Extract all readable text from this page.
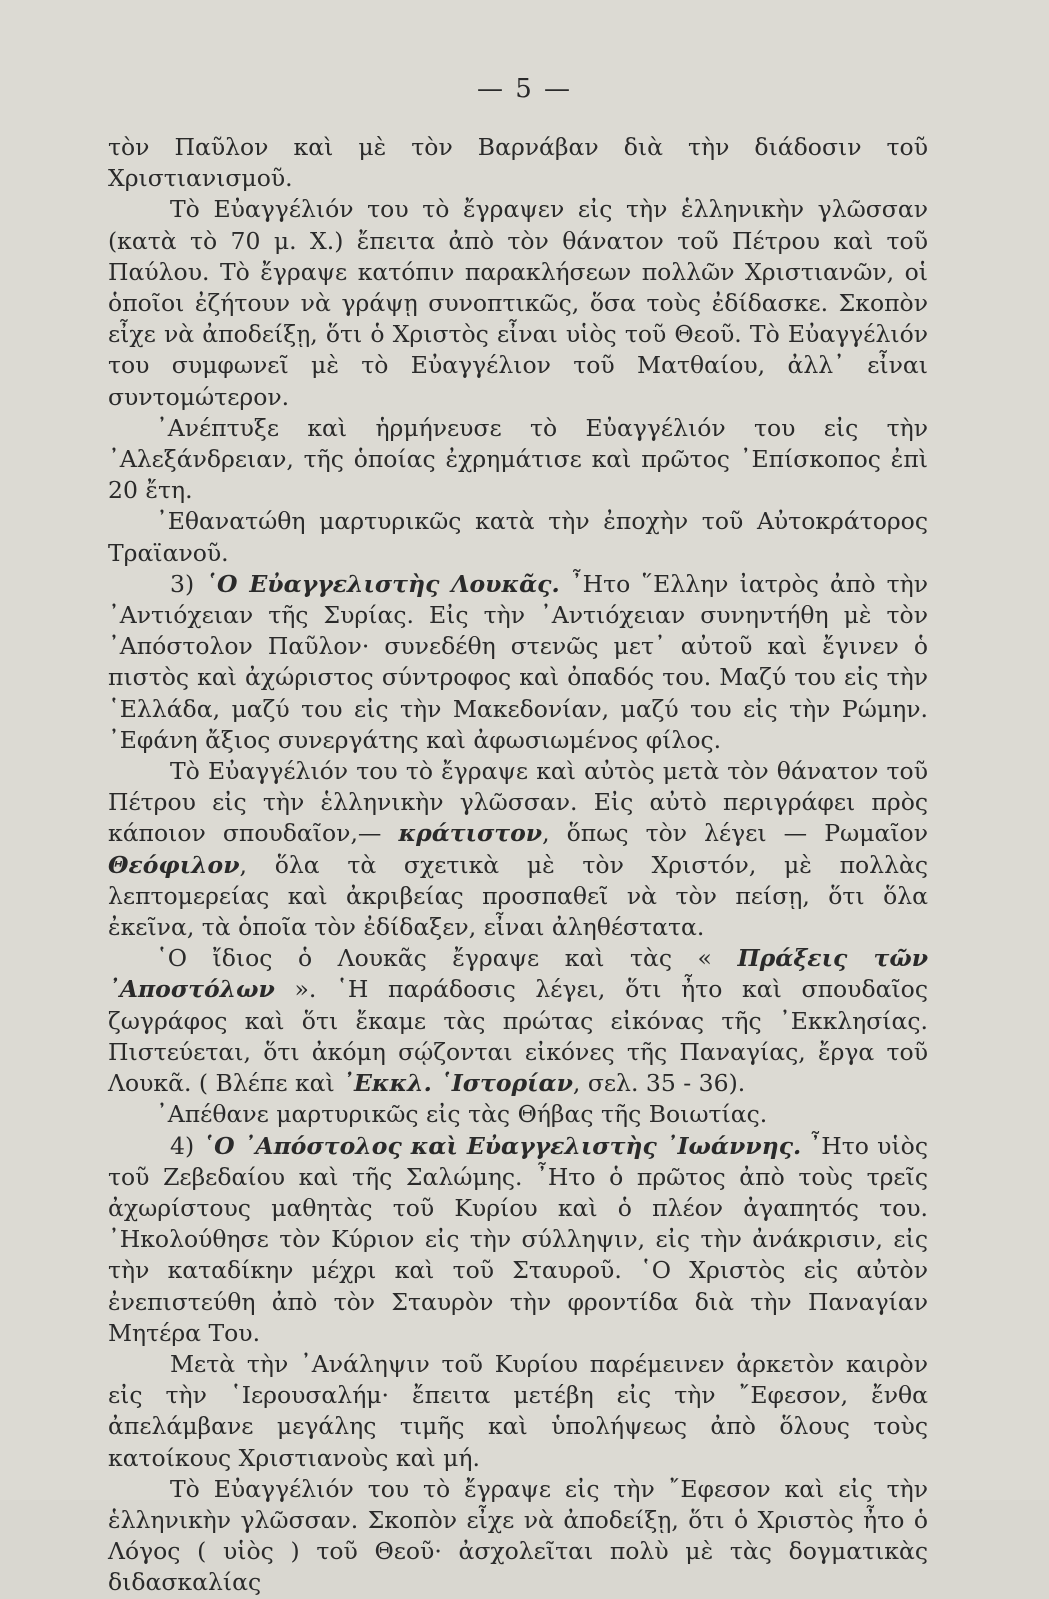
— 5 —

τὸν Παῦλον καὶ μὲ τὸν Βαρνάβαν διὰ τὴν διάδοσιν τοῦ Χριστιανισμοῦ.

Τὸ Εὐαγγέλιόν του τὸ ἔγραψεν εἰς τὴν ἑλληνικὴν γλῶσσαν (κατὰ τὸ 70 μ. Χ.) ἔπειτα ἀπὸ τὸν θάνατον τοῦ Πέτρου καὶ τοῦ Παύλου. Τὸ ἔγραψε κατόπιν παρακλήσεων πολλῶν Χριστιανῶν, οἱ ὁποῖοι ἐζήτουν νὰ γράψῃ συνοπτικῶς, ὅσα τοὺς ἐδίδασκε. Σκοπὸν εἶχε νὰ ἀποδείξῃ, ὅτι ὁ Χριστὸς εἶναι υἱὸς τοῦ Θεοῦ. Τὸ Εὐαγγέλιόν του συμφωνεῖ μὲ τὸ Εὐαγγέλιον τοῦ Ματθαίου, ἀλλ᾽ εἶναι συντομώτερον.

᾽Ανέπτυξε καὶ ἡρμήνευσε τὸ Εὐαγγέλιόν του εἰς τὴν ᾽Αλεξάνδρειαν, τῆς ὁποίας ἐχρημάτισε καὶ πρῶτος ᾽Επίσκοπος ἐπὶ 20 ἔτη.

᾽Εθανατώθη μαρτυρικῶς κατὰ τὴν ἐποχὴν τοῦ Αὐτοκράτορος Τραϊανοῦ.

3) ῾Ο Εὐαγγελιστὴς Λουκᾶς. ῏Ητο ῞Ελλην ἰατρὸς ἀπὸ τὴν ᾽Αντιόχειαν τῆς Συρίας. Εἰς τὴν ᾽Αντιόχειαν συνηντήθη μὲ τὸν ᾽Απόστολον Παῦλον· συνεδέθη στενῶς μετ᾽ αὐτοῦ καὶ ἔγινεν ὁ πιστὸς καὶ ἀχώριστος σύντροφος καὶ ὀπαδός του. Μαζύ του εἰς τὴν ῾Ελλάδα, μαζύ του εἰς τὴν Μακεδονίαν, μαζύ του εἰς τὴν Ρώμην. ᾽Εφάνη ἄξιος συνεργάτης καὶ ἀφωσιωμένος φίλος.

Τὸ Εὐαγγέλιόν του τὸ ἔγραψε καὶ αὐτὸς μετὰ τὸν θάνατον τοῦ Πέτρου εἰς τὴν ἑλληνικὴν γλῶσσαν. Εἰς αὐτὸ περιγράφει πρὸς κάποιον σπουδαῖον,— κράτιστον, ὅπως τὸν λέγει — Ρωμαῖον Θεόφιλον, ὅλα τὰ σχετικὰ μὲ τὸν Χριστόν, μὲ πολλὰς λεπτομερείας καὶ ἀκριβείας προσπαθεῖ νὰ τὸν πείσῃ, ὅτι ὅλα ἐκεῖνα, τὰ ὁποῖα τὸν ἐδίδαξεν, εἶναι ἀληθέστατα.

῾Ο ἴδιος ὁ Λουκᾶς ἔγραψε καὶ τὰς « Πράξεις τῶν ᾽Αποστόλων ». ῾Η παράδοσις λέγει, ὅτι ἦτο καὶ σπουδαῖος ζωγράφος καὶ ὅτι ἔκαμε τὰς πρώτας εἰκόνας τῆς ᾽Εκκλησίας. Πιστεύεται, ὅτι ἀκόμη σῴζονται εἰκόνες τῆς Παναγίας, ἔργα τοῦ Λουκᾶ. ( Βλέπε καὶ ᾽Εκκλ. ῾Ιστορίαν, σελ. 35 - 36).

᾽Απέθανε μαρτυρικῶς εἰς τὰς Θήβας τῆς Βοιωτίας.

4) ῾Ο ᾽Απόστολος καὶ Εὐαγγελιστὴς ᾽Ιωάννης. ῏Ητο υἱὸς τοῦ Ζεβεδαίου καὶ τῆς Σαλώμης. ῏Ητο ὁ πρῶτος ἀπὸ τοὺς τρεῖς ἀχωρίστους μαθητὰς τοῦ Κυρίου καὶ ὁ πλέον ἀγαπητός του. ᾽Ηκολούθησε τὸν Κύριον εἰς τὴν σύλληψιν, εἰς τὴν ἀνάκρισιν, εἰς τὴν καταδίκην μέχρι καὶ τοῦ Σταυροῦ. ῾Ο Χριστὸς εἰς αὐτὸν ἐνεπιστεύθη ἀπὸ τὸν Σταυρὸν τὴν φροντίδα διὰ τὴν Παναγίαν Μητέρα Του.

Μετὰ τὴν ᾽Ανάληψιν τοῦ Κυρίου παρέμεινεν ἀρκετὸν καιρὸν εἰς τὴν ῾Ιερουσαλήμ· ἔπειτα μετέβη εἰς τὴν ῎Εφεσον, ἔνθα ἀπελάμβανε μεγάλης τιμῆς καὶ ὑπολήψεως ἀπὸ ὅλους τοὺς κατοίκους Χριστιανοὺς καὶ μή.

Τὸ Εὐαγγέλιόν του τὸ ἔγραψε εἰς τὴν ῎Εφεσον καὶ εἰς τὴν ἑλληνικὴν γλῶσσαν. Σκοπὸν εἶχε νὰ ἀποδείξῃ, ὅτι ὁ Χριστὸς ἦτο ὁ Λόγος ( υἱὸς ) τοῦ Θεοῦ· ἀσχολεῖται πολὺ μὲ τὰς δογματικὰς διδασκαλίας
